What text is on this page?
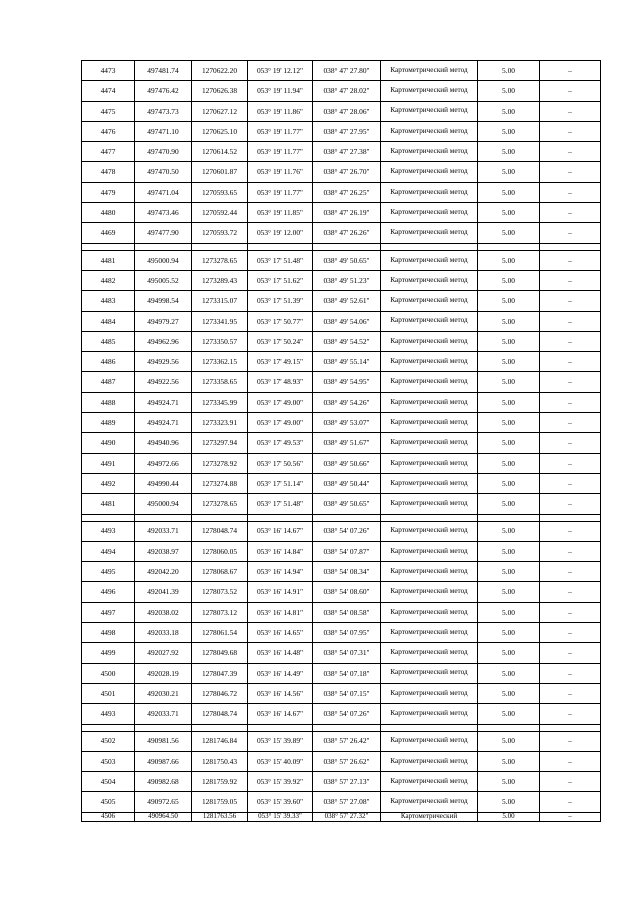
4473	497481.74	1270622.20	053° 19' 12.12"	038° 47' 27.80"	Картометрический метод	5.00	–
4474	497476.42	1270626.38	053° 19' 11.94"	038° 47' 28.02"	Картометрический метод	5.00	–
4475	497473.73	1270627.12	053° 19' 11.86"	038° 47' 28.06"	Картометрический метод	5.00	–
4476	497471.10	1270625.10	053° 19' 11.77"	038° 47' 27.95"	Картометрический метод	5.00	–
4477	497470.90	1270614.52	053° 19' 11.77"	038° 47' 27.38"	Картометрический метод	5.00	–
4478	497470.50	1270601.87	053° 19' 11.76"	038° 47' 26.70"	Картометрический метод	5.00	–
4479	497471.04	1270593.65	053° 19' 11.77"	038° 47' 26.25"	Картометрический метод	5.00	–
4480	497473.46	1270592.44	053° 19' 11.85"	038° 47' 26.19"	Картометрический метод	5.00	–
4469	497477.90	1270593.72	053° 19' 12.00"	038° 47' 26.26"	Картометрический метод	5.00	–

4481	495000.94	1273278.65	053° 17' 51.48"	038° 49' 50.65"	Картометрический метод	5.00	–
4482	495005.52	1273289.43	053° 17' 51.62"	038° 49' 51.23"	Картометрический метод	5.00	–
4483	494998.54	1273315.07	053° 17' 51.39"	038° 49' 52.61"	Картометрический метод	5.00	–
4484	494979.27	1273341.95	053° 17' 50.77"	038° 49' 54.06"	Картометрический метод	5.00	–
4485	494962.96	1273350.57	053° 17' 50.24"	038° 49' 54.52"	Картометрический метод	5.00	–
4486	494929.56	1273362.15	053° 17' 49.15"	038° 49' 55.14"	Картометрический метод	5.00	–
4487	494922.56	1273358.65	053° 17' 48.93"	038° 49' 54.95"	Картометрический метод	5.00	–
4488	494924.71	1273345.99	053° 17' 49.00"	038° 49' 54.26"	Картометрический метод	5.00	–
4489	494924.71	1273323.91	053° 17' 49.00"	038° 49' 53.07"	Картометрический метод	5.00	–
4490	494940.96	1273297.94	053° 17' 49.53"	038° 49' 51.67"	Картометрический метод	5.00	–
4491	494972.66	1273278.92	053° 17' 50.56"	038° 49' 50.66"	Картометрический метод	5.00	–
4492	494990.44	1273274.88	053° 17' 51.14"	038° 49' 50.44"	Картометрический метод	5.00	–
4481	495000.94	1273278.65	053° 17' 51.48"	038° 49' 50.65"	Картометрический метод	5.00	–

4493	492033.71	1278048.74	053° 16' 14.67"	038° 54' 07.26"	Картометрический метод	5.00	–
4494	492038.97	1278060.05	053° 16' 14.84"	038° 54' 07.87"	Картометрический метод	5.00	–
4495	492042.20	1278068.67	053° 16' 14.94"	038° 54' 08.34"	Картометрический метод	5.00	–
4496	492041.39	1278073.52	053° 16' 14.91"	038° 54' 08.60"	Картометрический метод	5.00	–
4497	492038.02	1278073.12	053° 16' 14.81"	038° 54' 08.58"	Картометрический метод	5.00	–
4498	492033.18	1278061.54	053° 16' 14.65"	038° 54' 07.95"	Картометрический метод	5.00	–
4499	492027.92	1278049.68	053° 16' 14.48"	038° 54' 07.31"	Картометрический метод	5.00	–
4500	492028.19	1278047.39	053° 16' 14.49"	038° 54' 07.18"	Картометрический метод	5.00	–
4501	492030.21	1278046.72	053° 16' 14.56"	038° 54' 07.15"	Картометрический метод	5.00	–
4493	492033.71	1278048.74	053° 16' 14.67"	038° 54' 07.26"	Картометрический метод	5.00	–

4502	490981.56	1281746.84	053° 15' 39.89"	038° 57' 26.42"	Картометрический метод	5.00	–
4503	490987.66	1281750.43	053° 15' 40.09"	038° 57' 26.62"	Картометрический метод	5.00	–
4504	490982.68	1281759.92	053° 15' 39.92"	038° 57' 27.13"	Картометрический метод	5.00	–
4505	490972.65	1281759.05	053° 15' 39.60"	038° 57' 27.08"	Картометрический метод	5.00	–
4506	490964.50	1281763.56	053° 15' 39.33"	038° 57' 27.32"	Картометрический	5.00	–
